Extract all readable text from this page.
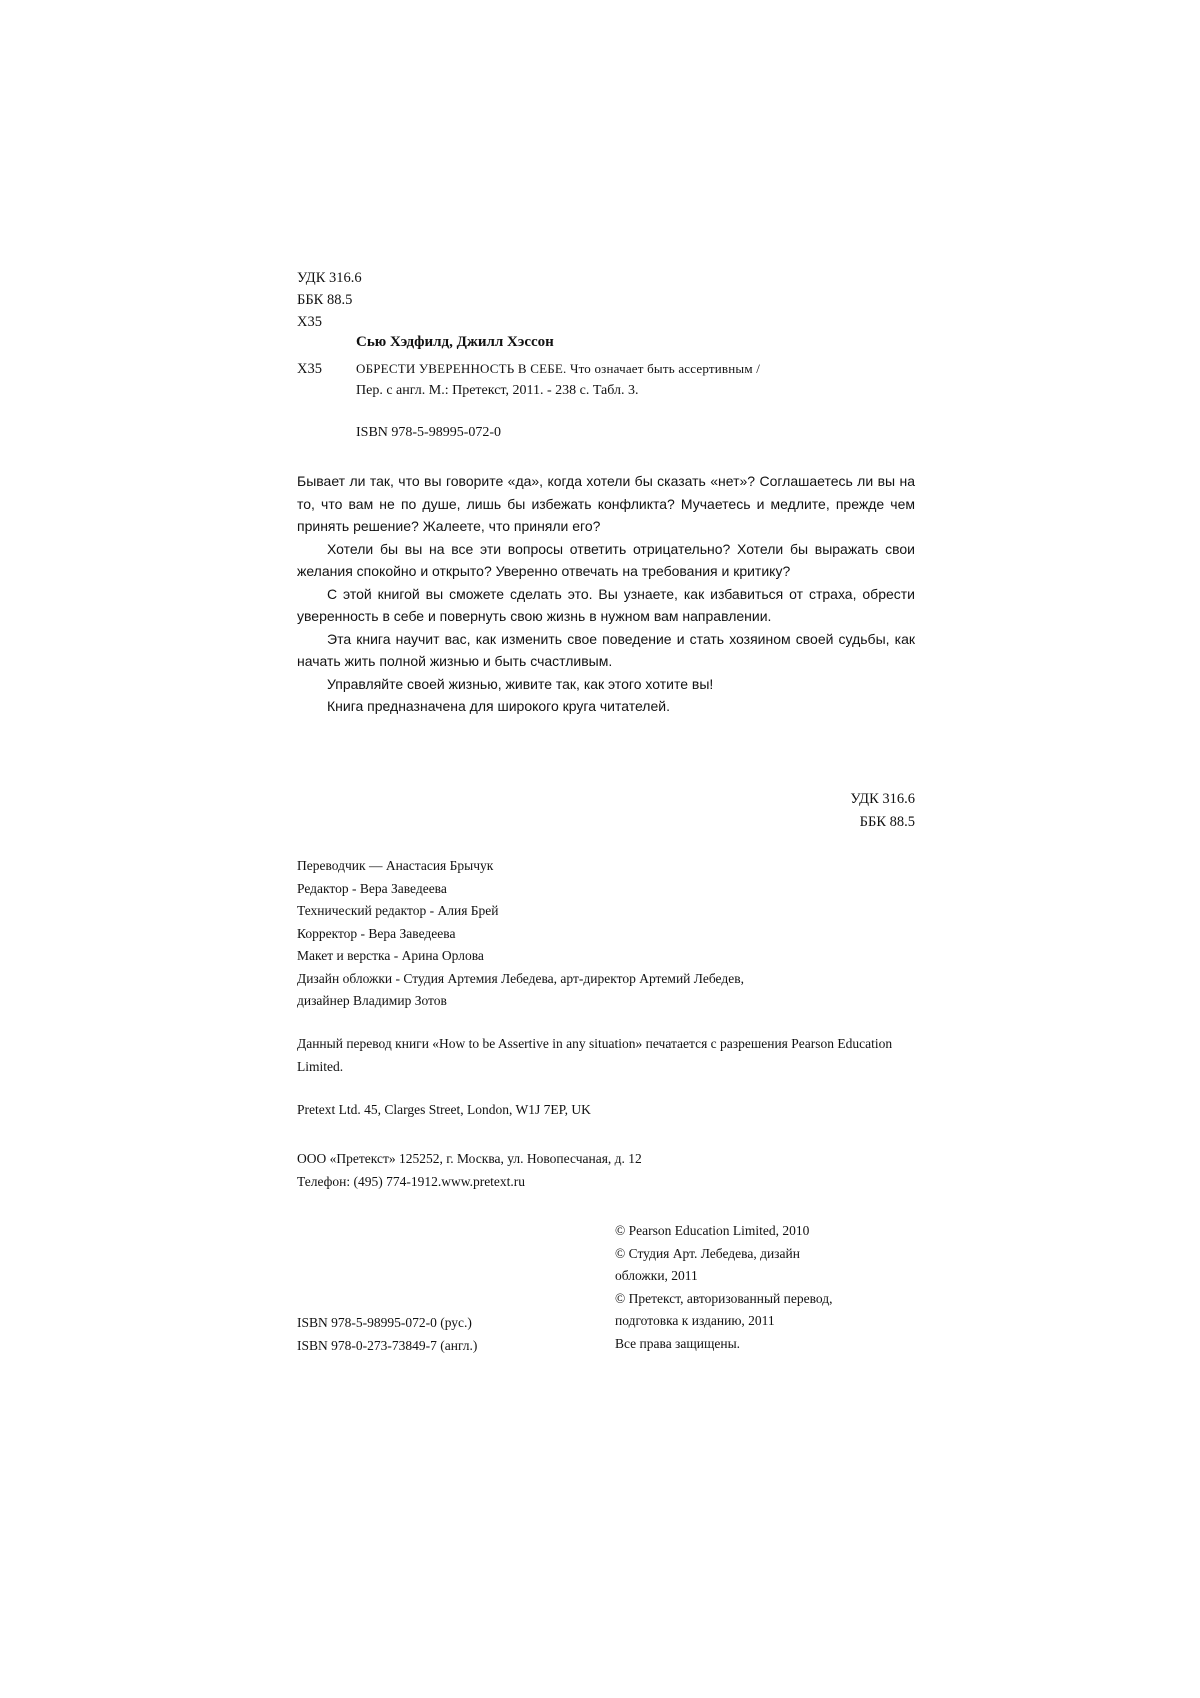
УДК 316.6
ББК 88.5
Х35
Сью Хэдфилд, Джилл Хэссон
Х35	ОБРЕСТИ УВЕРЕННОСТЬ В СЕБЕ. Что означает быть ассертивным /
Пер. с англ. М.: Претекст, 2011. - 238 с. Табл. 3.
ISBN 978-5-98995-072-0

Бывает ли так, что вы говорите «да», когда хотели бы сказать «нет»? Соглашаетесь ли вы на то, что вам не по душе, лишь бы избежать конфликта? Мучаетесь и медлите, прежде чем принять решение? Жалеете, что приняли его?

Хотели бы вы на все эти вопросы ответить отрицательно? Хотели бы выражать свои желания спокойно и открыто? Уверенно отвечать на требования и критику?

С этой книгой вы сможете сделать это. Вы узнаете, как избавиться от страха, обрести уверенность в себе и повернуть свою жизнь в нужном вам направлении.

Эта книга научит вас, как изменить свое поведение и стать хозяином своей судьбы, как начать жить полной жизнью и быть счастливым.

Управляйте своей жизнью, живите так, как этого хотите вы!

Книга предназначена для широкого круга читателей.

УДК 316.6
ББК 88.5
Переводчик — Анастасия Брычук
Редактор - Вера Заведеева
Технический редактор - Алия Брей
Корректор - Вера Заведеева
Макет и верстка - Арина Орлова
Дизайн обложки - Студия Артемия Лебедева, арт-директор Артемий Лебедев,
дизайнер Владимир Зотов
Данный перевод книги «How to be Assertive in any situation» печатается с разрешения Pearson Education Limited.
Pretext Ltd. 45, Clarges Street, London, W1J 7EP, UK
ООО «Претекст» 125252, г. Москва, ул. Новопесчаная, д. 12
Телефон: (495) 774-1912.www.pretext.ru
ISBN 978-5-98995-072-0 (рус.)
ISBN 978-0-273-73849-7 (англ.)
© Pearson Education Limited, 2010
© Студия Арт. Лебедева, дизайн
обложки, 2011
© Претекст, авторизованный перевод,
подготовка к изданию, 2011
Все права защищены.
